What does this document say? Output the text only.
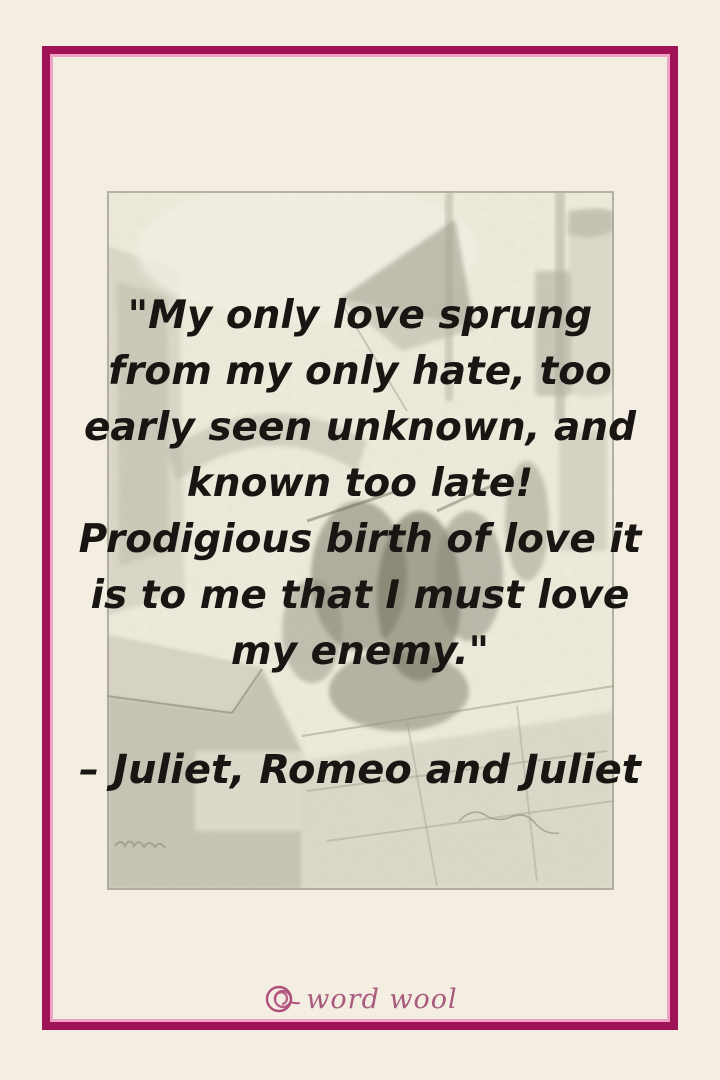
"My only love sprung
from my only hate, too
early seen unknown, and
known too late!
Prodigious birth of love it
is to me that I must love
my enemy."
– Juliet, Romeo and Juliet
word wool
